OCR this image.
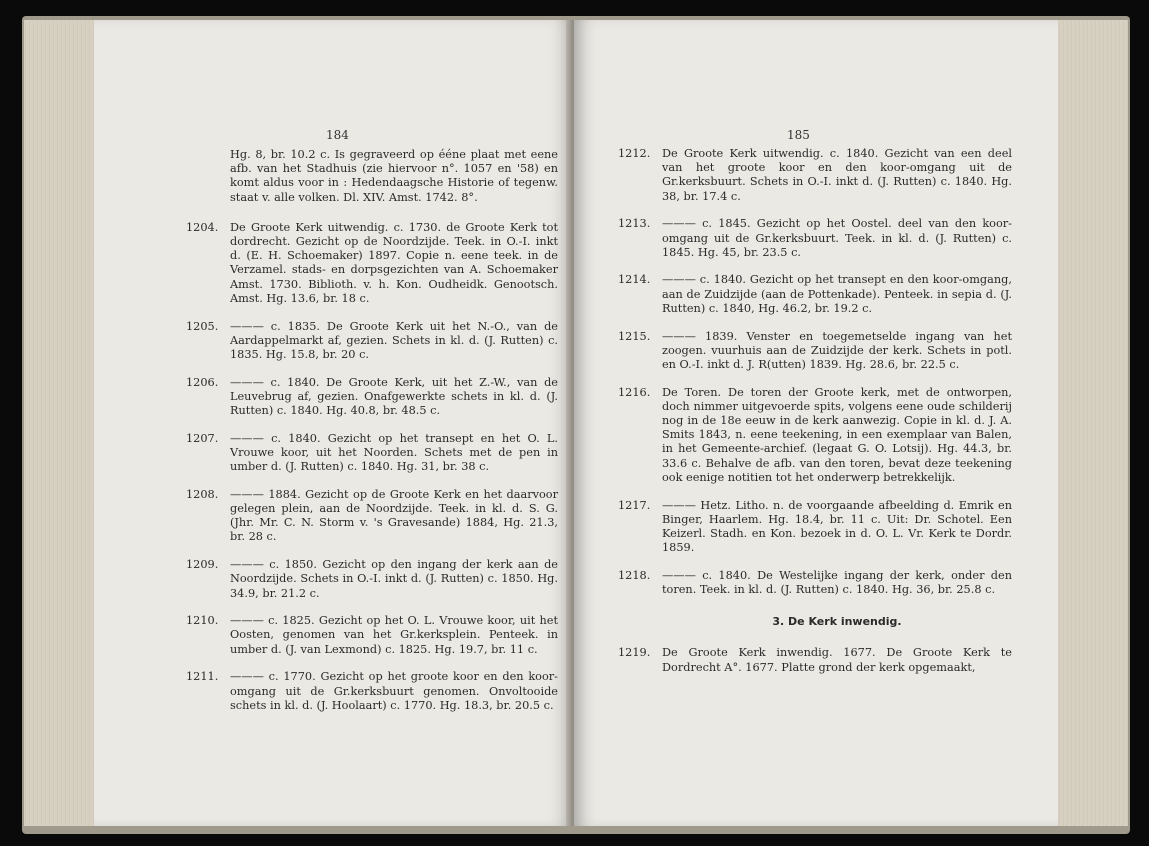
184
Hg. 8, br. 10.2 c. Is gegraveerd op ééne plaat met eene afb. van het Stadhuis (zie hiervoor n°. 1057 en '58) en komt aldus voor in : Hedendaagsche Historie of tegenw. staat v. alle volken. Dl. XIV. Amst. 1742. 8°.
1204.	De Groote Kerk uitwendig. c. 1730. de Groote Kerk tot dordrecht. Gezicht op de Noordzijde. Teek. in O.-I. inkt d. (E. H. Schoemaker) 1897. Copie n. eene teek. in de Verzamel. stads- en dorpsgezichten van A. Schoemaker Amst. 1730. Biblioth. v. h. Kon. Oudheidk. Genootsch. Amst. Hg. 13.6, br. 18 c.
1205.	——— c. 1835. De Groote Kerk uit het N.-O., van de Aardappelmarkt af, gezien. Schets in kl. d. (J. Rutten) c. 1835. Hg. 15.8, br. 20 c.
1206.	——— c. 1840. De Groote Kerk, uit het Z.-W., van de Leuvebrug af, gezien. Onafgewerkte schets in kl. d. (J. Rutten) c. 1840. Hg. 40.8, br. 48.5 c.
1207.	——— c. 1840. Gezicht op het transept en het O. L. Vrouwe koor, uit het Noorden. Schets met de pen in umber d. (J. Rutten) c. 1840. Hg. 31, br. 38 c.
1208.	——— 1884. Gezicht op de Groote Kerk en het daarvoor gelegen plein, aan de Noordzijde. Teek. in kl. d. S. G. (Jhr. Mr. C. N. Storm v. 's Gravesande) 1884, Hg. 21.3, br. 28 c.
1209.	——— c. 1850. Gezicht op den ingang der kerk aan de Noordzijde. Schets in O.-I. inkt d. (J. Rutten) c. 1850. Hg. 34.9, br. 21.2 c.
1210.	——— c. 1825. Gezicht op het O. L. Vrouwe koor, uit het Oosten, genomen van het Gr.kerksplein. Penteek. in umber d. (J. van Lexmond) c. 1825. Hg. 19.7, br. 11 c.
1211.	——— c. 1770. Gezicht op het groote koor en den koor-omgang uit de Gr.kerksbuurt genomen. Onvoltooide schets in kl. d. (J. Hoolaart) c. 1770. Hg. 18.3, br. 20.5 c.
185
1212.	De Groote Kerk uitwendig. c. 1840. Gezicht van een deel van het groote koor en den koor-omgang uit de Gr.kerksbuurt. Schets in O.-I. inkt d. (J. Rutten) c. 1840. Hg. 38, br. 17.4 c.
1213.	——— c. 1845. Gezicht op het Oostel. deel van den koor-omgang uit de Gr.kerksbuurt. Teek. in kl. d. (J. Rutten) c. 1845. Hg. 45, br. 23.5 c.
1214.	——— c. 1840. Gezicht op het transept en den koor-omgang, aan de Zuidzijde (aan de Pottenkade). Penteek. in sepia d. (J. Rutten) c. 1840, Hg. 46.2, br. 19.2 c.
1215.	——— 1839. Venster en toegemetselde ingang van het zoogen. vuurhuis aan de Zuidzijde der kerk. Schets in potl. en O.-I. inkt d. J. R(utten) 1839. Hg. 28.6, br. 22.5 c.
1216.	De Toren. De toren der Groote kerk, met de ontworpen, doch nimmer uitgevoerde spits, volgens eene oude schilderij nog in de 18e eeuw in de kerk aanwezig. Copie in kl. d. J. A. Smits 1843, n. eene teekening, in een exemplaar van Balen, in het Gemeente-archief. (legaat G. O. Lotsij). Hg. 44.3, br. 33.6 c. Behalve de afb. van den toren, bevat deze teekening ook eenige notitien tot het onderwerp betrekkelijk.
1217.	——— Hetz. Litho. n. de voorgaande afbeelding d. Emrik en Binger, Haarlem. Hg. 18.4, br. 11 c. Uit: Dr. Schotel. Een Keizerl. Stadh. en Kon. bezoek in d. O. L. Vr. Kerk te Dordr. 1859.
1218.	——— c. 1840. De Westelijke ingang der kerk, onder den toren. Teek. in kl. d. (J. Rutten) c. 1840. Hg. 36, br. 25.8 c.
3. De Kerk inwendig.
1219.	De Groote Kerk inwendig. 1677. De Groote Kerk te Dordrecht A°. 1677. Platte grond der kerk opgemaakt,
